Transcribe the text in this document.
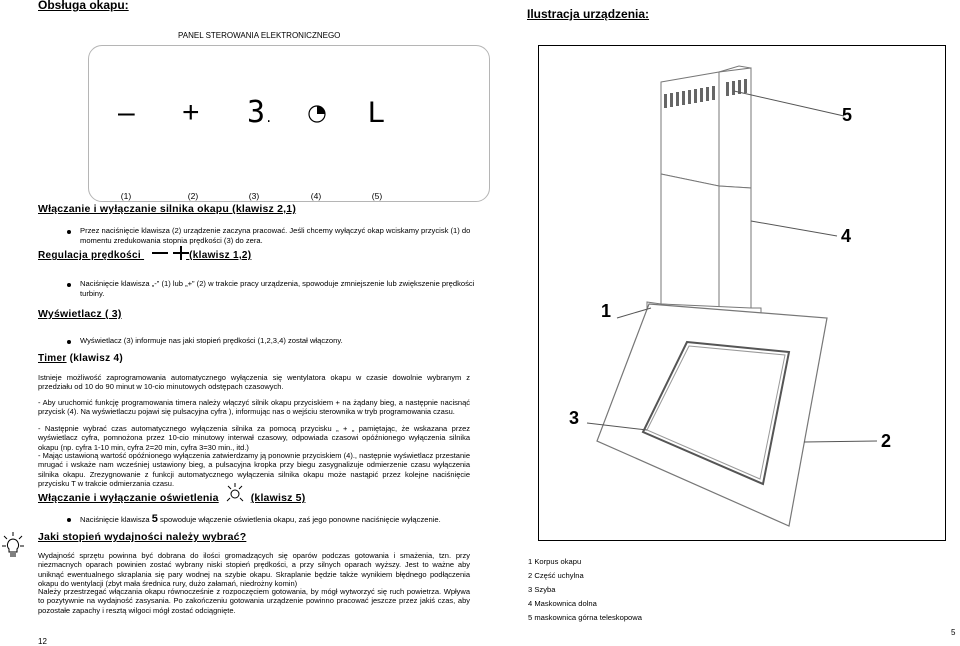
Obsługa okapu:
Ilustracja urządzenia:
PANEL STEROWANIA ELEKTRONICZNEGO
– + 3.	L
(1)	(2)	(3)	(4)	(5)
Włączanie i wyłączanie silnika okapu (klawisz 2,1)
Przez naciśnięcie klawisza (2) urządzenie zaczyna pracować. Jeśli chcemy wyłączyć okap wciskamy przycisk (1) do momentu zredukowania stopnia prędkości (3) do zera.
Regulacja prędkości	(klawisz 1,2)
Naciśnięcie klawisza „-” (1) lub „+” (2) w trakcie pracy urządzenia, spowoduje zmniejszenie lub zwiększenie prędkości turbiny.
Wyświetlacz ( 3)
Wyświetlacz (3) informuje nas jaki stopień prędkości (1,2,3,4) został włączony.
Timer (klawisz 4)
Istnieje możliwość zaprogramowania automatycznego wyłączenia się wentylatora okapu w czasie dowolnie wybranym z przedziału od 10 do 90 minut w 10-cio minutowych odstępach czasowych.
- Aby uruchomić funkcję programowania timera należy włączyć silnik okapu przyciskiem + na żądany bieg, a następnie nacisnąć przycisk (4). Na wyświetlaczu pojawi się pulsacyjna cyfra ), informując nas o wejściu sterownika w tryb programowania czasu.
- Następnie wybrać czas automatycznego wyłączenia silnika za pomocą przycisku „ + „ pamiętając, że wskazana przez wyświetlacz cyfra, pomnożona przez 10-cio minutowy interwał czasowy, odpowiada czasowi opóźnionego wyłączenia silnika okapu (np. cyfra 1-10 min, cyfra 2=20 min, cyfra 3=30 min., itd.)
- Mając ustawioną wartość opóźnionego wyłączenia zatwierdzamy ją ponownie przyciskiem (4)., następnie wyświetlacz przestanie mrugać i wskaże nam wcześniej ustawiony bieg, a pulsacyjna kropka przy biegu zasygnalizuje odmierzenie czasu wyłączenia silnika okapu. Zrezygnowanie z funkcji automatycznego wyłączenia silnika okapu może nastąpić przez kolejne naciśnięcie przycisku T w trakcie odmierzania czasu.
Włączanie i wyłączanie oświetlenia	(klawisz 5)
Naciśnięcie klawisza 5 spowoduje włączenie oświetlenia okapu, zaś jego ponowne naciśnięcie wyłączenie.
Jaki stopień wydajności należy wybrać?
Wydajność sprzętu powinna być dobrana do ilości gromadzących się oparów podczas gotowania i smażenia, tzn. przy niezmacnych oparach powinien zostać wybrany niski stopień prędkości, a przy silnych oparach wyższy. Jest to ważne aby uniknąć ewentualnego skraplania się pary wodnej na szybie okapu. Skraplanie będzie także wynikiem błędnego podłączenia okapu do wentylacji (zbyt mała średnica rury, dużo załamań, niedrożny komin)
Należy przestrzegać włączania okapu równocześnie z rozpoczęciem gotowania, by mógł wytworzyć się ruch powietrza. Wpływa to pozytywnie na wydajność zasysania. Po zakończeniu gotowania urządzenie powinno pracować jeszcze przez jakiś czas, aby pozostałe zapachy i resztą wilgoci mógł zostać odciągnięte.
12
5
4
1
3
2
1 Korpus okapu
2 Część uchylna
3 Szyba
4 Maskownica dolna
5 maskownica górna teleskopowa
5
